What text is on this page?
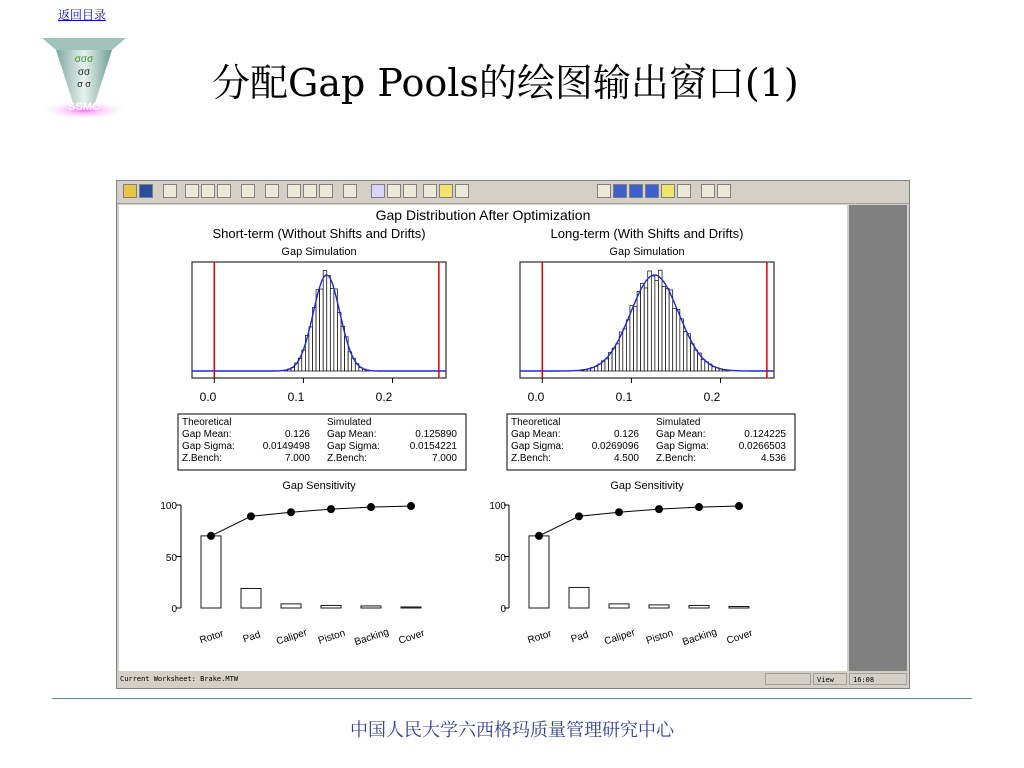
返回目录
σσσ
σσ
σ σ
SSMC
分配Gap Pools的绘图输出窗口(1)
Gap Distribution After Optimization
Short-term (Without Shifts and Drifts)
Gap Simulation
0.0	0.1	0.2
Theoretical	Simulated
Gap Mean:	0.126 Gap Mean:	0.125890
Gap Sigma:	0.0149498 Gap Sigma:	0.0154221
Z.Bench:	7.000 Z.Bench:	7.000
Gap Sensitivity
100
50
0
Rotor Pad Caliper Piston Backing Cover
Long-term (With Shifts and Drifts)
Gap Simulation
0.0	0.1	0.2
Theoretical	Simulated
Gap Mean:	0.126 Gap Mean:	0.124225
Gap Sigma:	0.0269096 Gap Sigma:	0.0266503
Z.Bench:	4.500 Z.Bench:	4.536
Gap Sensitivity
100
50
0
Rotor Pad Caliper Piston Backing Cover
Current Worksheet: Brake.MTW	View	16:08
中国人民大学六西格玛质量管理研究中心
